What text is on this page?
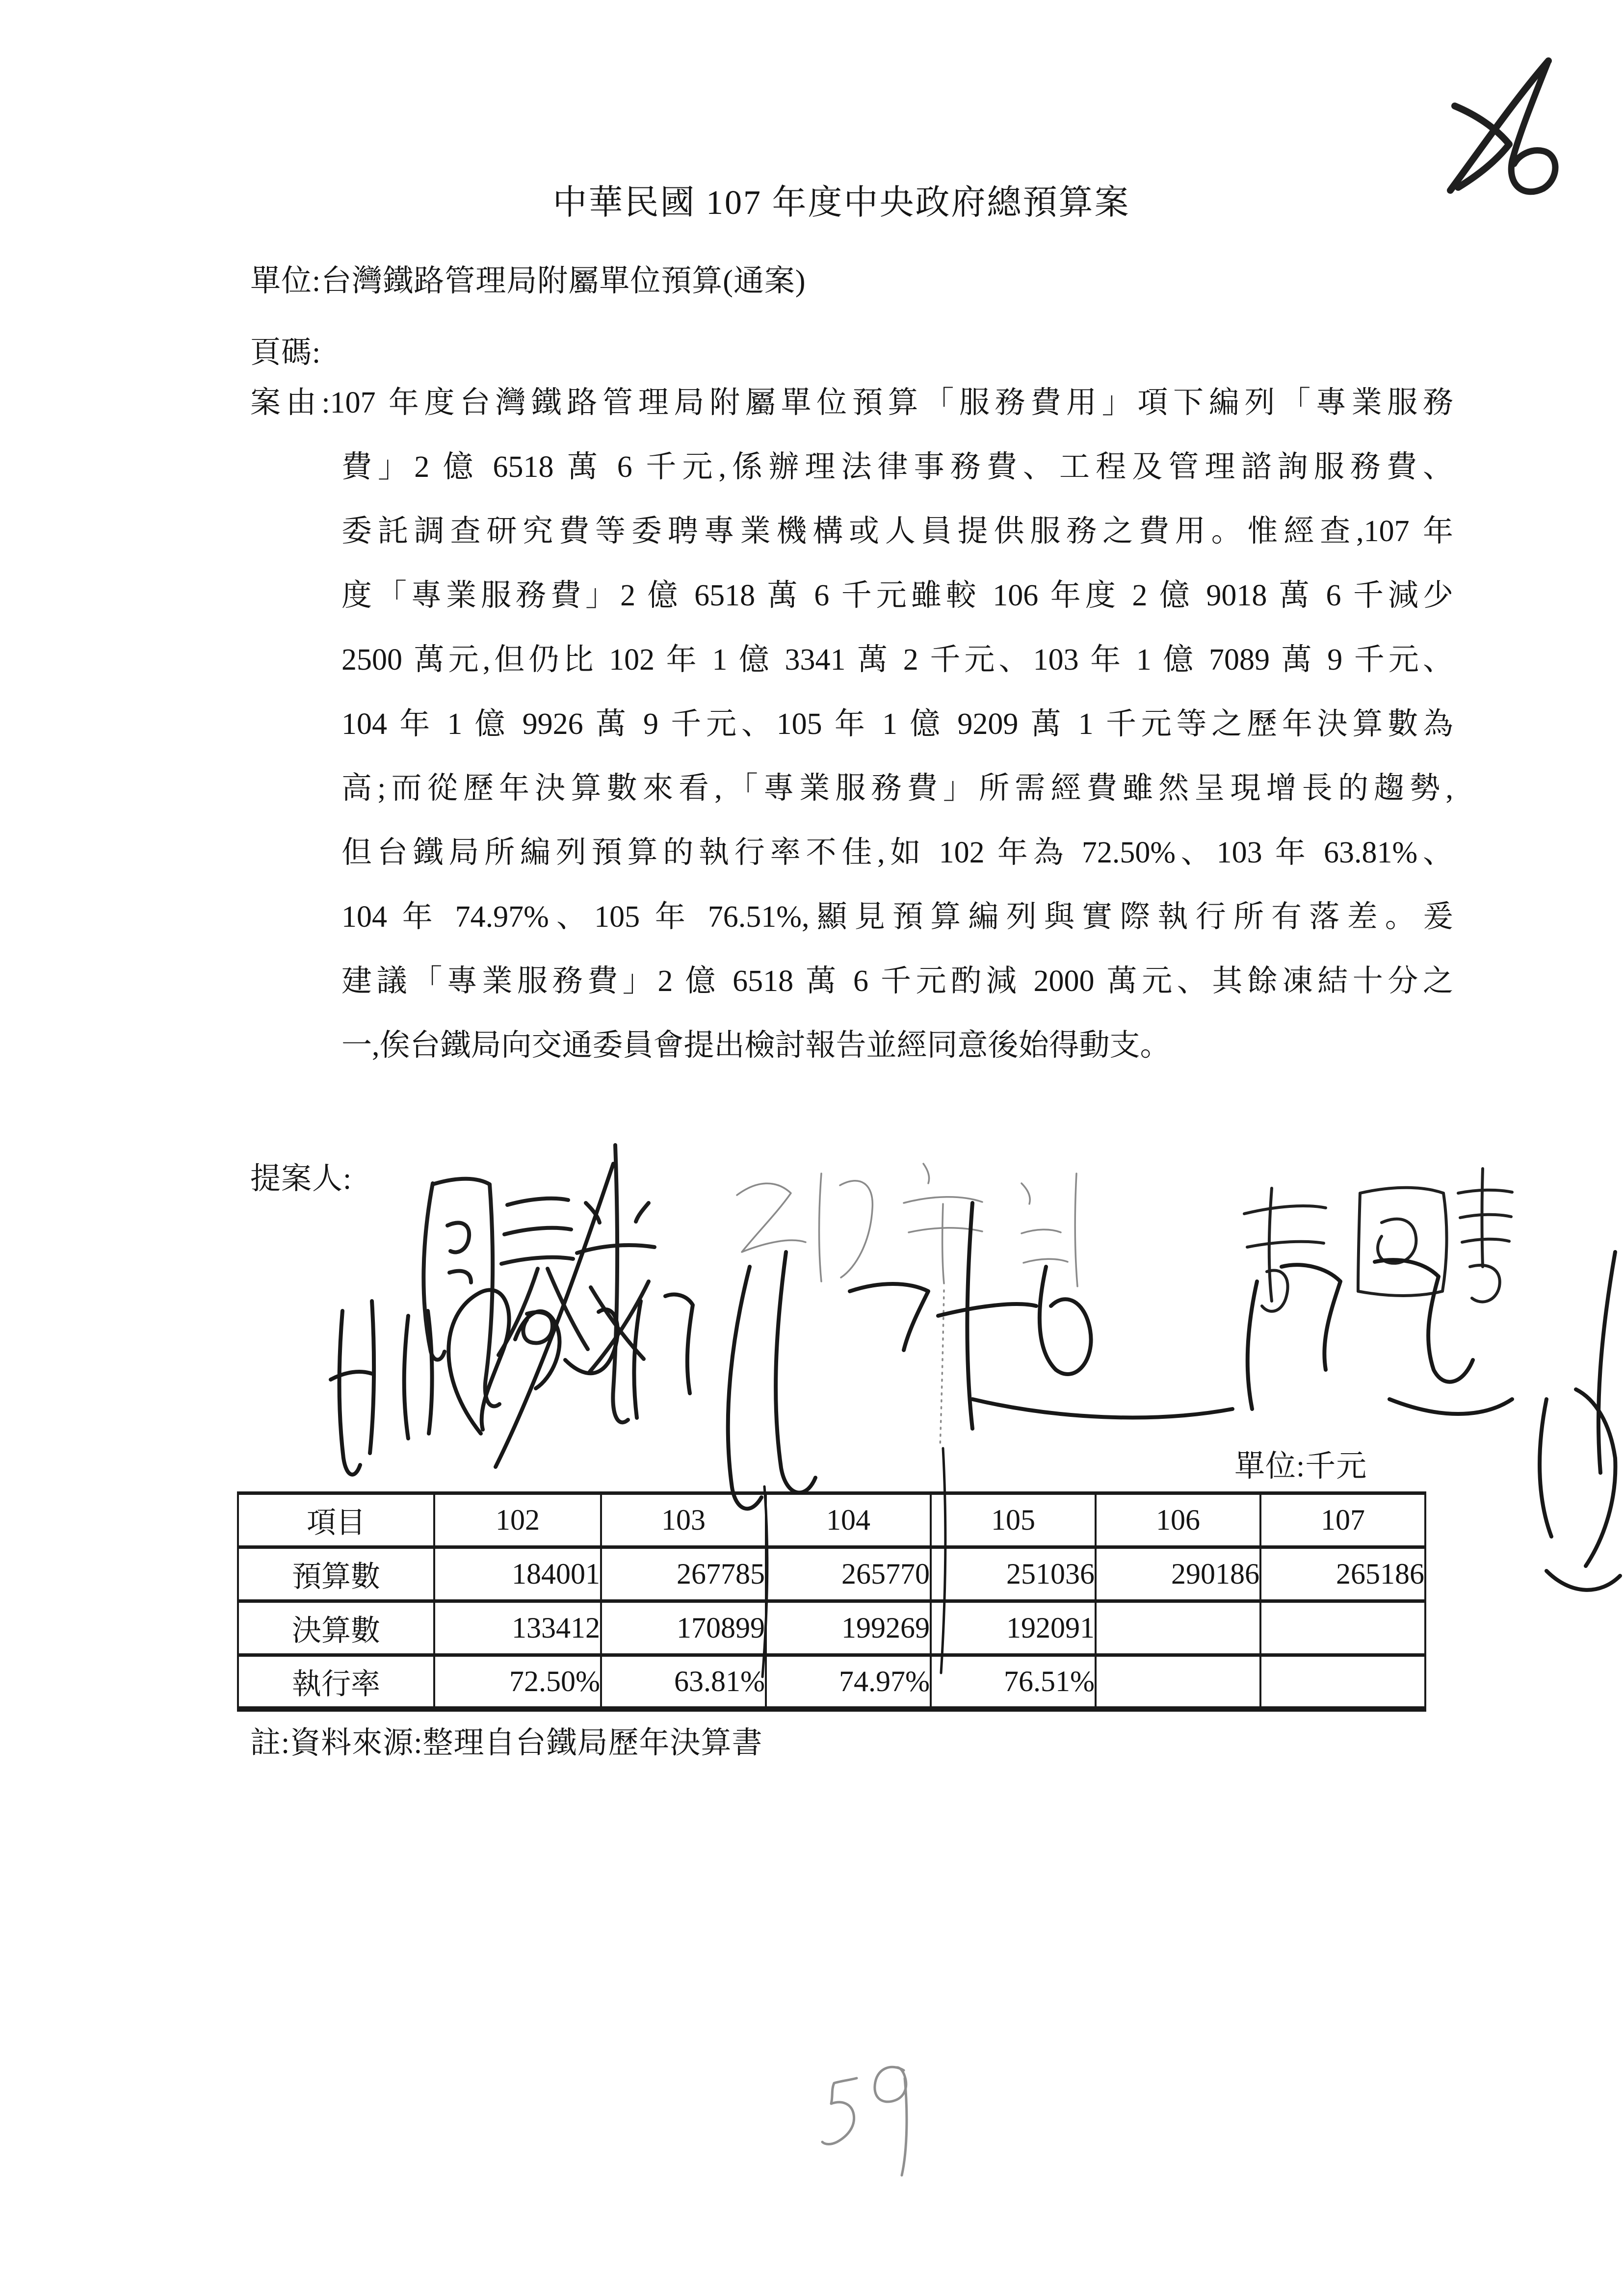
中華民國 107 年度中央政府總預算案
單位:台灣鐵路管理局附屬單位預算(通案)
頁碼:
案由:107 年度台灣鐵路管理局附屬單位預算「服務費用」項下編列「專業服務
費」2 億 6518 萬 6 千元,係辦理法律事務費、工程及管理諮詢服務費、
委託調查研究費等委聘專業機構或人員提供服務之費用。惟經查,107 年
度「專業服務費」2 億 6518 萬 6 千元雖較 106 年度 2 億 9018 萬 6 千減少
2500 萬元,但仍比 102 年 1 億 3341 萬 2 千元、103 年 1 億 7089 萬 9 千元、
104 年 1 億 9926 萬 9 千元、105 年 1 億 9209 萬 1 千元等之歷年決算數為
高;而從歷年決算數來看,「專業服務費」所需經費雖然呈現增長的趨勢,
但台鐵局所編列預算的執行率不佳,如 102 年為 72.50%、103 年 63.81%、
104 年 74.97%、105 年 76.51%,顯見預算編列與實際執行所有落差。爰
建議「專業服務費」2 億 6518 萬 6 千元酌減 2000 萬元、其餘凍結十分之
一,俟台鐵局向交通委員會提出檢討報告並經同意後始得動支。
提案人:
單位:千元
項目	102	103	104	105	106	107
預算數	184001	267785	265770	251036	290186	265186
決算數	133412	170899	199269	192091		
執行率	72.50%	63.81%	74.97%	76.51%		
註:資料來源:整理自台鐵局歷年決算書
